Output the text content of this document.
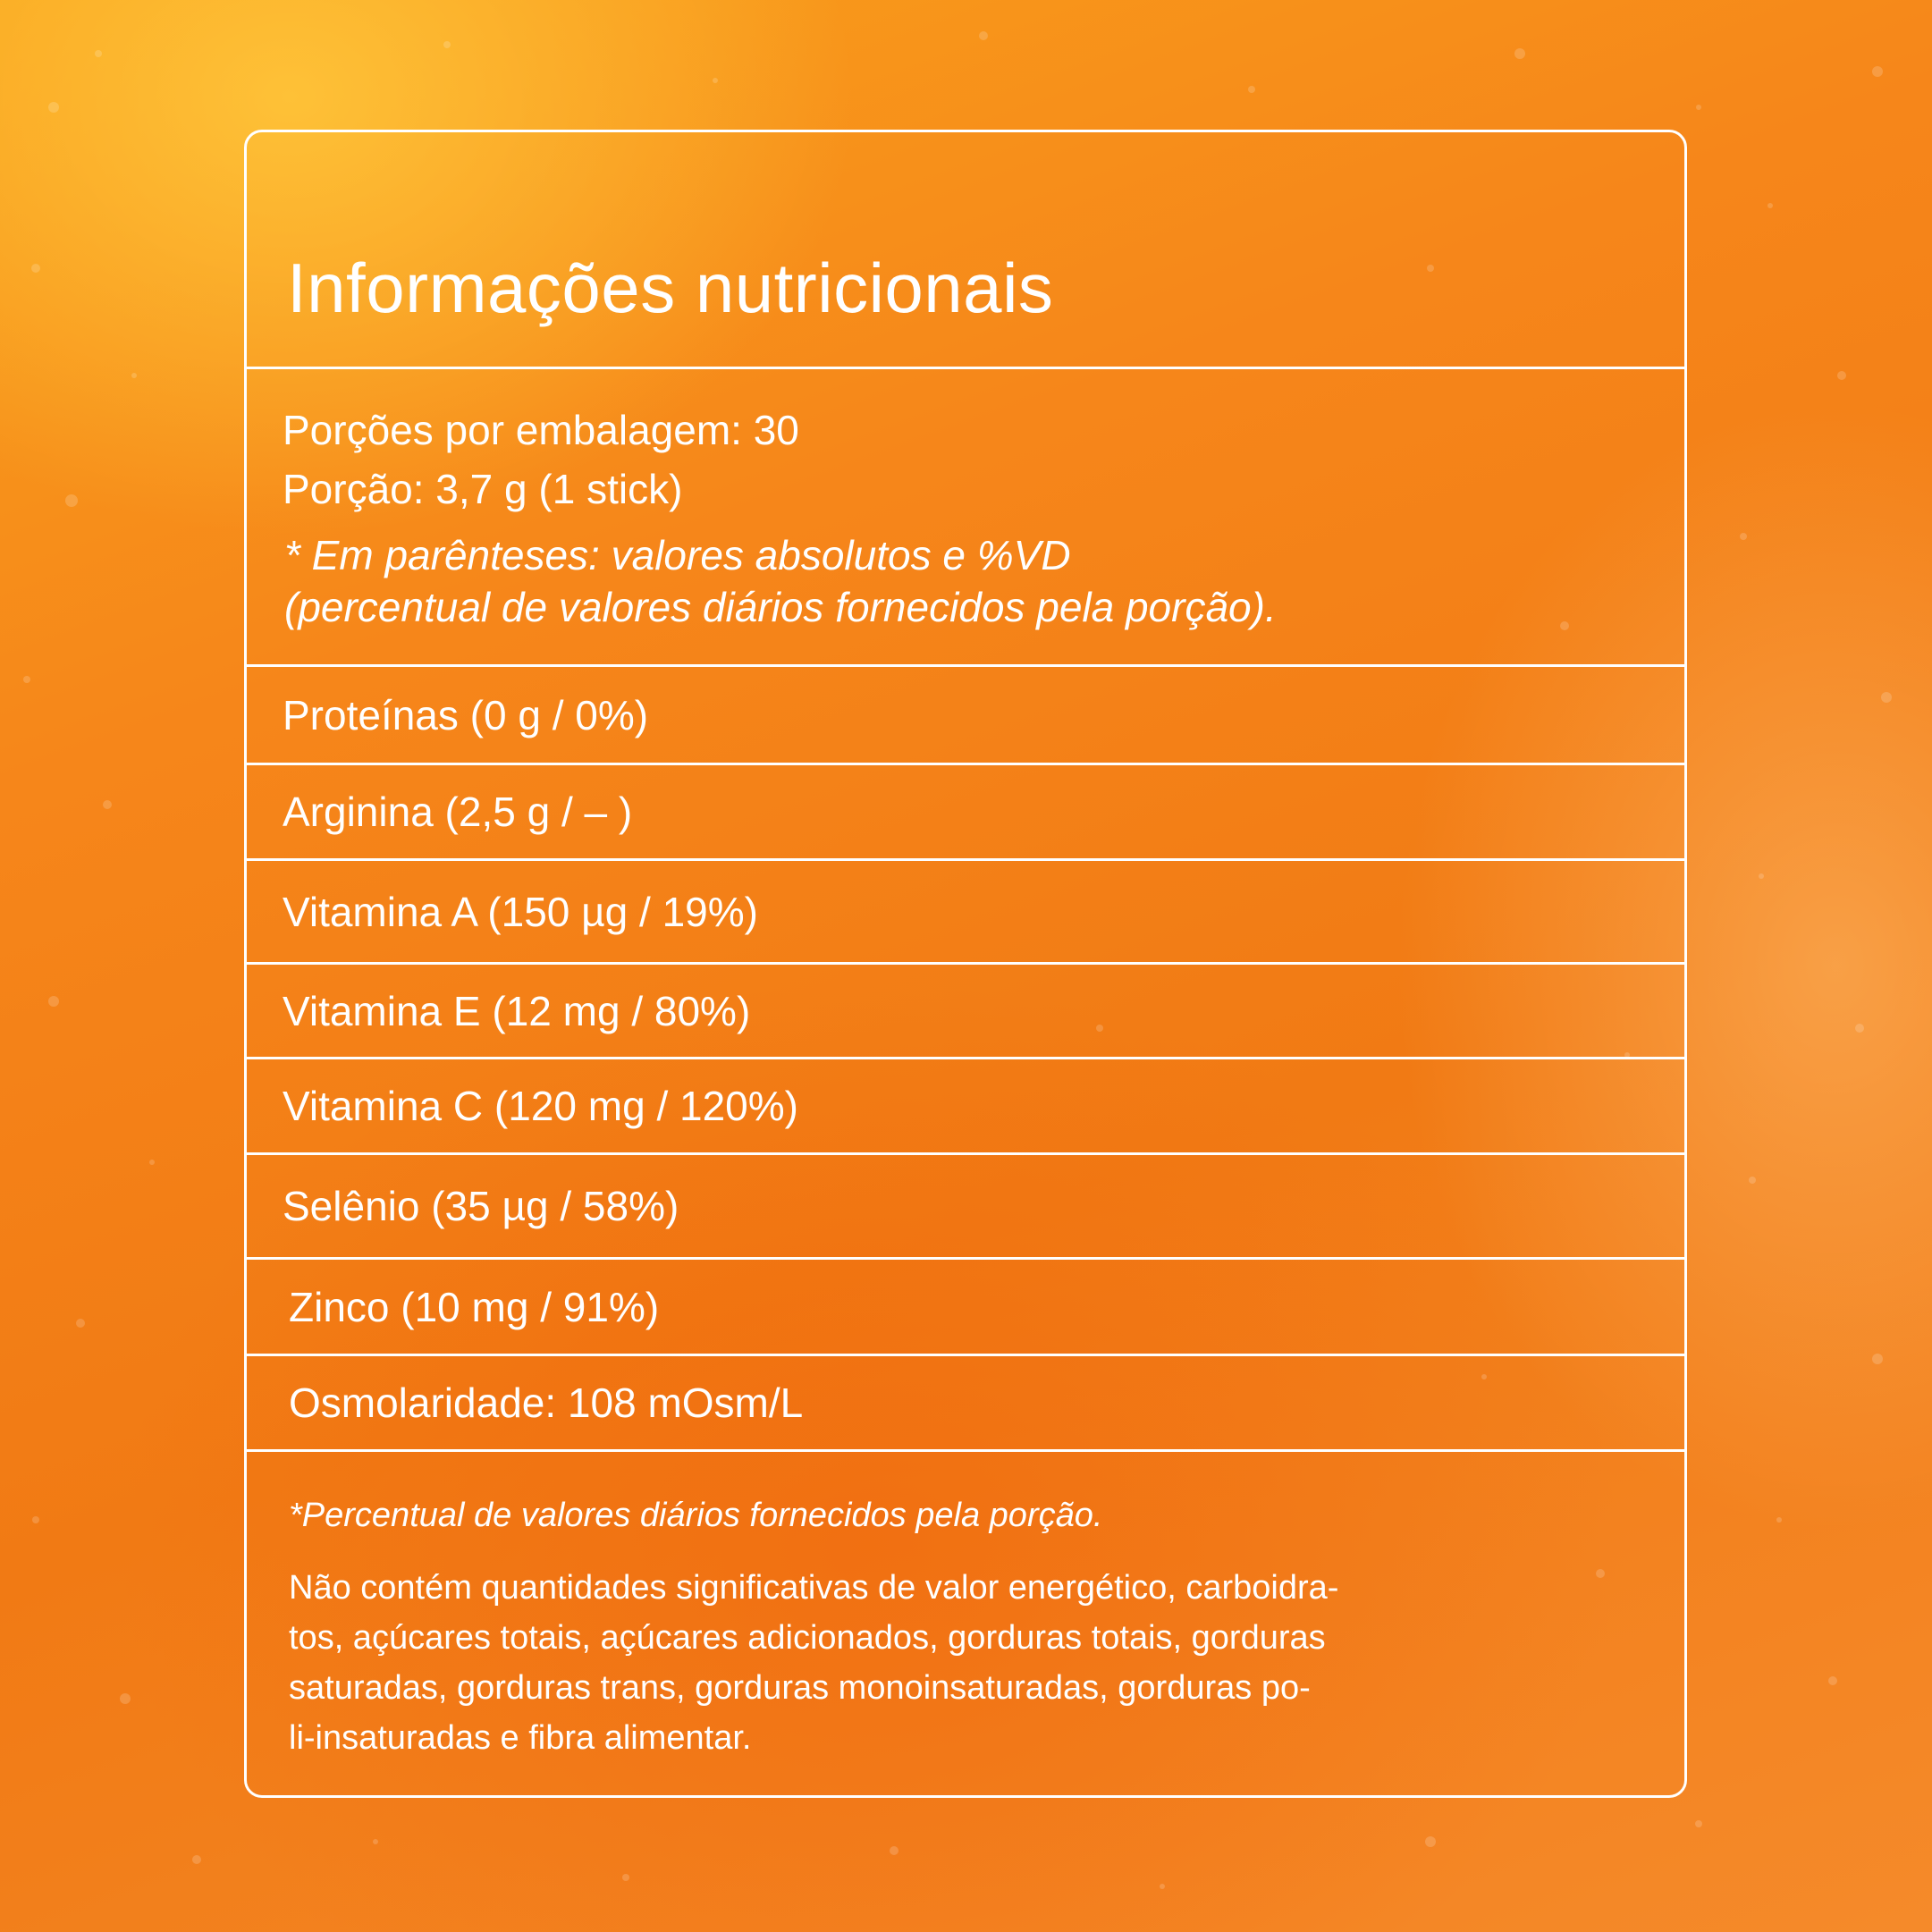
Informações nutricionais
Porções por embalagem: 30
Porção: 3,7 g (1 stick)
* Em parênteses: valores absolutos e %VD
(percentual de valores diários fornecidos pela porção).
Proteínas (0 g / 0%)
Arginina (2,5 g / – )
Vitamina A (150 µg / 19%)
Vitamina E (12 mg / 80%)
Vitamina C (120 mg / 120%)
Selênio (35 µg / 58%)
Zinco (10 mg / 91%)
Osmolaridade: 108 mOsm/L
*Percentual de valores diários fornecidos pela porção.
Não contém quantidades significativas de valor energético, carboidra-
tos, açúcares totais, açúcares adicionados, gorduras totais, gorduras
saturadas, gorduras trans, gorduras monoinsaturadas, gorduras po-
li-insaturadas e fibra alimentar.
